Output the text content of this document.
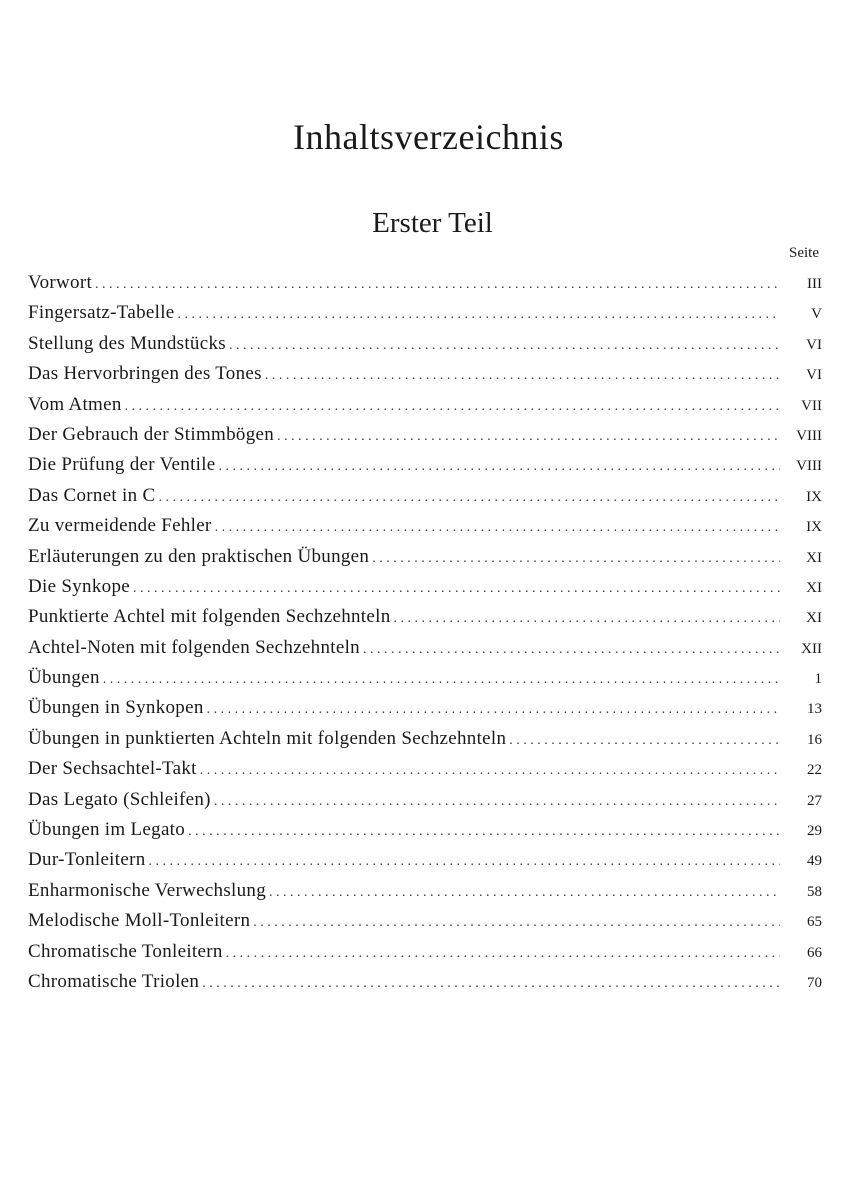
Inhaltsverzeichnis
Erster Teil
Seite
Vorwort . . .	III
Fingersatz-Tabelle . . .	V
Stellung des Mundstücks . . .	VI
Das Hervorbringen des Tones . . .	VI
Vom Atmen . . .	VII
Der Gebrauch der Stimmbögen . . .	VIII
Die Prüfung der Ventile . . .	VIII
Das Cornet in C . . .	IX
Zu vermeidende Fehler . . .	IX
Erläuterungen zu den praktischen Übungen . . .	XI
Die Synkope . . .	XI
Punktierte Achtel mit folgenden Sechzehnteln . . .	XI
Achtel-Noten mit folgenden Sechzehnteln . . .	XII
Übungen . . .	1
Übungen in Synkopen . . .	13
Übungen in punktierten Achteln mit folgenden Sechzehnteln . . .	16
Der Sechsachtel-Takt . . .	22
Das Legato (Schleifen) . . .	27
Übungen im Legato . . .	29
Dur-Tonleitern . . .	49
Enharmonische Verwechslung . . .	58
Melodische Moll-Tonleitern . . .	65
Chromatische Tonleitern . . .	66
Chromatische Triolen . . .	70
